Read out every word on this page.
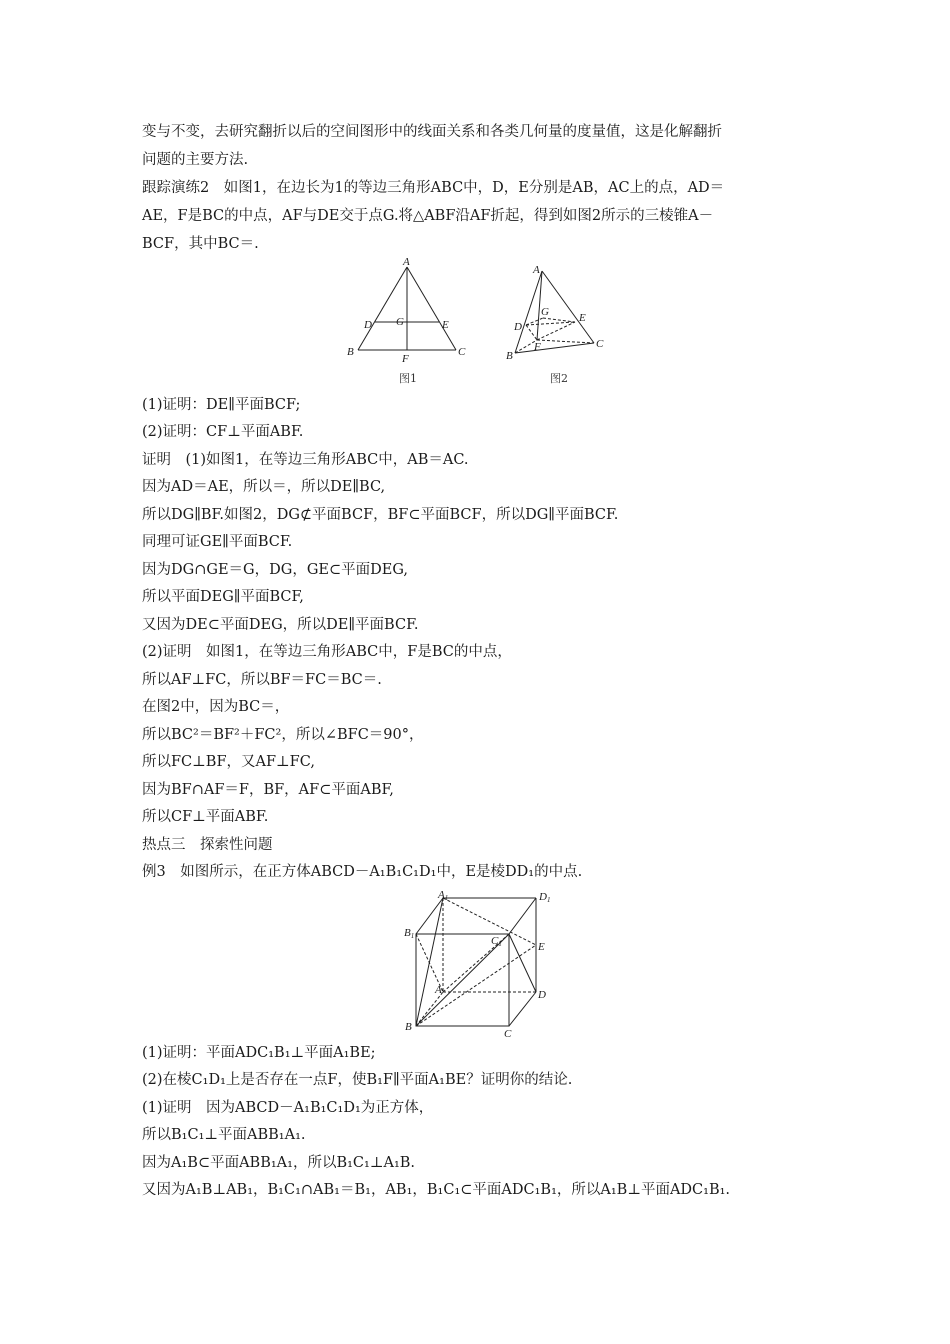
变与不变，去研究翻折以后的空间图形中的线面关系和各类几何量的度量值，这是化解翻折
问题的主要方法.
跟踪演练2　如图1，在边长为1的等边三角形ABC中，D，E分别是AB，AC上的点，AD＝
AE，F是BC的中点，AF与DE交于点G.将△ABF沿AF折起，得到如图2所示的三棱锥A－
BCF，其中BC＝.
A
B	C
D	E
G
F
图1
A
B
C
D
E
G
F
图2
(1)证明：DE∥平面BCF;
(2)证明：CF⊥平面ABF.
证明　(1)如图1，在等边三角形ABC中，AB＝AC.
因为AD＝AE，所以＝，所以DE∥BC,
所以DG∥BF.如图2，DG⊄平面BCF，BF⊂平面BCF，所以DG∥平面BCF.
同理可证GE∥平面BCF.
因为DG∩GE＝G，DG，GE⊂平面DEG,
所以平面DEG∥平面BCF,
又因为DE⊂平面DEG，所以DE∥平面BCF.
(2)证明　如图1，在等边三角形ABC中，F是BC的中点，
所以AF⊥FC，所以BF＝FC＝BC＝.
在图2中，因为BC＝，
所以BC²＝BF²＋FC²，所以∠BFC＝90°，
所以FC⊥BF，又AF⊥FC,
因为BF∩AF＝F，BF，AF⊂平面ABF,
所以CF⊥平面ABF.
热点三　探索性问题
例3　如图所示，在正方体ABCD－A₁B₁C₁D₁中，E是棱DD₁的中点.
A1	D1
B1	C1	E
A	D
B
C
(1)证明：平面ADC₁B₁⊥平面A₁BE;
(2)在棱C₁D₁上是否存在一点F，使B₁F∥平面A₁BE？证明你的结论.
(1)证明　因为ABCD－A₁B₁C₁D₁为正方体，
所以B₁C₁⊥平面ABB₁A₁.
因为A₁B⊂平面ABB₁A₁，所以B₁C₁⊥A₁B.
又因为A₁B⊥AB₁，B₁C₁∩AB₁＝B₁，AB₁，B₁C₁⊂平面ADC₁B₁，所以A₁B⊥平面ADC₁B₁.
